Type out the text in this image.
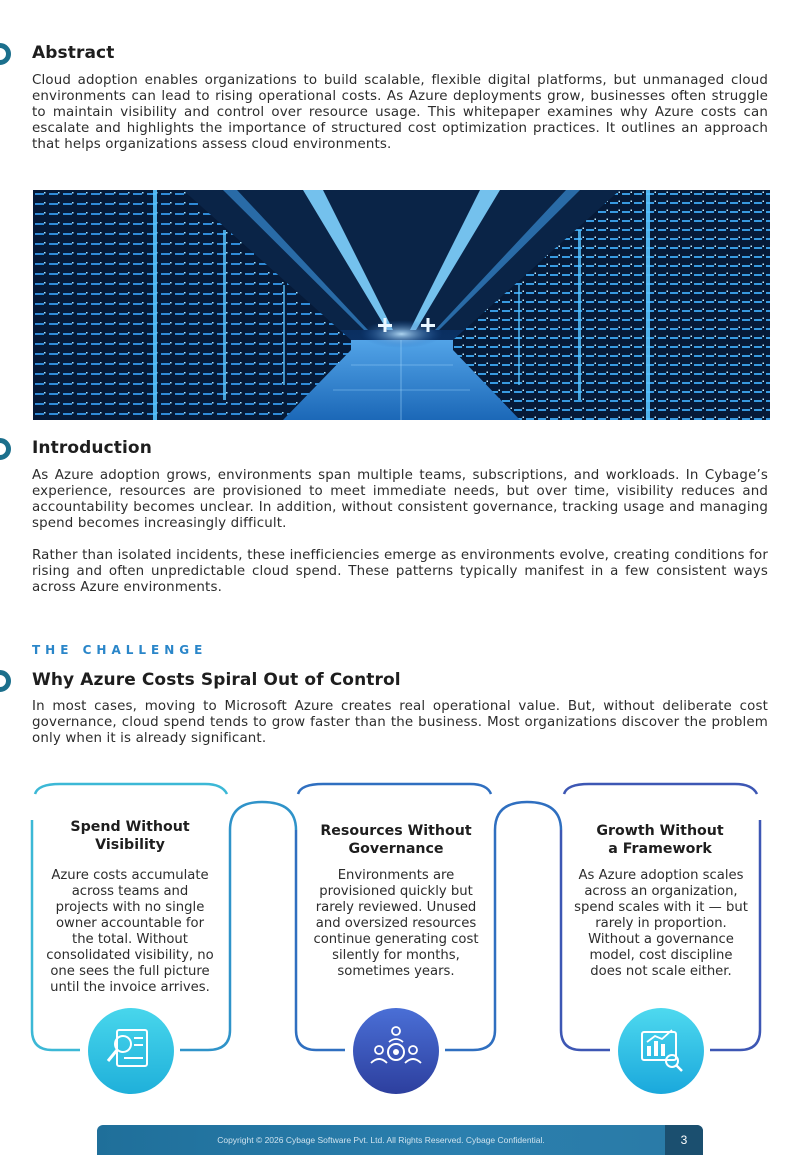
Abstract

Cloud adoption enables organizations to build scalable, flexible digital platforms, but unmanaged cloud environments can lead to rising operational costs. As Azure deployments grow, businesses often struggle to maintain visibility and control over resource usage. This whitepaper examines why Azure costs can escalate and highlights the importance of structured cost optimization practices. It outlines an approach that helps organizations assess cloud environments.

Introduction

As Azure adoption grows, environments span multiple teams, subscriptions, and workloads. In Cybage’s experience, resources are provisioned to meet immediate needs, but over time, visibility reduces and accountability becomes unclear. In addition, without consistent governance, tracking usage and managing spend becomes increasingly difficult.

Rather than isolated incidents, these inefficiencies emerge as environments evolve, creating conditions for rising and often unpredictable cloud spend. These patterns typically manifest in a few consistent ways across Azure environments.

THE CHALLENGE
Why Azure Costs Spiral Out of Control

In most cases, moving to Microsoft Azure creates real operational value. But, without deliberate cost governance, cloud spend tends to grow faster than the business. Most organizations discover the problem only when it is already significant.

Spend Without Visibility
Azure costs accumulate across teams and projects with no single owner accountable for the total. Without consolidated visibility, no one sees the full picture until the invoice arrives.
Resources Without Governance
Environments are provisioned quickly but rarely reviewed. Unused and oversized resources continue generating cost silently for months, sometimes years.
Growth Without a Framework
As Azure adoption scales across an organization, spend scales with it — but rarely in proportion. Without a governance model, cost discipline does not scale either.
Copyright © 2026 Cybage Software Pvt. Ltd. All Rights Reserved. Cybage Confidential.	3
